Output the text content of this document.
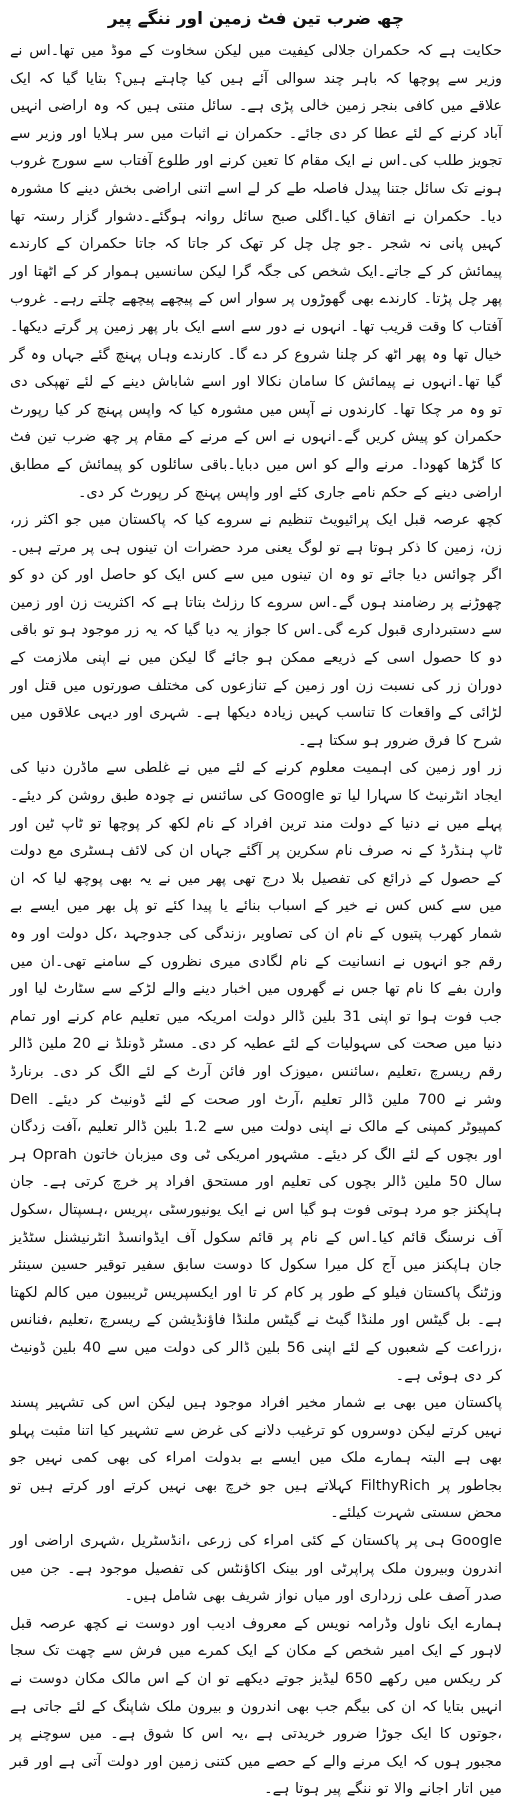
چھ ضرب تین فٹ زمین اور ننگے پیر

حکایت ہے کہ حکمران جلالی کیفیت میں لیکن سخاوت کے موڈ میں تھا۔اس نے وزیر سے پوچھا کہ باہر چند سوالی آئے ہیں کیا چاہتے ہیں؟ بتایا گیا کہ ایک علاقے میں کافی بنجر زمین خالی پڑی ہے۔ سائل منتی ہیں کہ وہ اراضی انہیں آباد کرنے کے لئے عطا کر دی جائے۔ حکمران نے اثبات میں سر ہلایا اور وزیر سے تجویز طلب کی۔اس نے ایک مقام کا تعین کرنے اور طلوع آفتاب سے سورج غروب ہونے تک سائل جتنا پیدل فاصلہ طے کر لے اسے اتنی اراضی بخش دینے کا مشورہ دیا۔ حکمران نے اتفاق کیا۔اگلی صبح سائل روانہ ہوگئے۔دشوار گزار رستہ تھا کہیں پانی نہ شجر ۔جو چل چل کر تھک کر جاتا کہ جاتا حکمران کے کارندے پیمائش کر کے جاتے۔ایک شخص کی جگہ گرا لیکن سانسیں ہموار کر کے اٹھتا اور پھر چل پڑتا۔ کارندے بھی گھوڑوں پر سوار اس کے پیچھے پیچھے چلتے رہے۔ غروب آفتاب کا وقت قریب تھا۔ انہوں نے دور سے اسے ایک بار پھر زمین پر گرتے دیکھا۔خیال تھا وہ پھر اٹھ کر چلنا شروع کر دے گا۔ کارندے وہاں پہنچ گئے جہاں وہ گر گیا تھا۔انہوں نے پیمائش کا سامان نکالا اور اسے شاباش دینے کے لئے تھپکی دی تو وہ مر چکا تھا۔ کارندوں نے آپس میں مشورہ کیا کہ واپس پہنچ کر کیا رپورٹ حکمران کو پیش کریں گے۔انہوں نے اس کے مرنے کے مقام پر چھ ضرب تین فٹ کا گڑھا کھودا۔ مرنے والے کو اس میں دبایا۔باقی سائلوں کو پیمائش کے مطابق اراضی دینے کے حکم نامے جاری کئے اور واپس پہنچ کر رپورٹ کر دی۔

کچھ عرصہ قبل ایک پرائیویٹ تنظیم نے سروے کیا کہ پاکستان میں جو اکثر زر، زن، زمین کا ذکر ہوتا ہے تو لوگ یعنی مرد حضرات ان تینوں ہی پر مرتے ہیں۔اگر چوائس دیا جائے تو وہ ان تینوں میں سے کس ایک کو حاصل اور کن دو کو چھوڑنے پر رضامند ہوں گے۔اس سروے کا رزلٹ بتاتا ہے کہ اکثریت زن اور زمین سے دستبرداری قبول کرے گی۔اس کا جواز یہ دیا گیا کہ یہ زر موجود ہو تو باقی دو کا حصول اسی کے ذریعے ممکن ہو جائے گا لیکن میں نے اپنی ملازمت کے دوران زر کی نسبت زن اور زمین کے تنازعوں کی مختلف صورتوں میں قتل اور لڑائی کے واقعات کا تناسب کہیں زیادہ دیکھا ہے۔ شہری اور دیہی علاقوں میں شرح کا فرق ضرور ہو سکتا ہے۔

زر اور زمین کی اہمیت معلوم کرنے کے لئے میں نے غلطی سے ماڈرن دنیا کی ایجاد انٹرنیٹ کا سہارا لیا تو Google کی سائنس نے چودہ طبق روشن کر دیئے۔ پہلے میں نے دنیا کے دولت مند ترین افراد کے نام لکھ کر پوچھا تو ٹاپ ٹین اور ٹاپ ہنڈرڈ کے نہ صرف نام سکرین پر آگئے جہاں ان کی لائف ہسٹری مع دولت کے حصول کے ذرائع کی تفصیل بلا درج تھی پھر میں نے یہ بھی پوچھ لیا کہ ان میں سے کس کس نے خیر کے اسباب بنائے یا پیدا کئے تو پل بھر میں ایسے بے شمار کھرب پتیوں کے نام ان کی تصاویر ،زندگی کی جدوجہد ،کل دولت اور وہ رقم جو انہوں نے انسانیت کے نام لگادی میری نظروں کے سامنے تھی۔ان میں وارن بفے کا نام تھا جس نے گھروں میں اخبار دینے والے لڑکے سے سٹارٹ لیا اور جب فوت ہوا تو اپنی 31 بلین ڈالر دولت امریکہ میں تعلیم عام کرنے اور تمام دنیا میں صحت کی سہولیات کے لئے عطیہ کر دی۔ مسٹر ڈونلڈ نے 20 ملین ڈالر رقم ریسرچ ،تعلیم ،سائنس ،میوزک اور فائن آرٹ کے لئے الگ کر دی۔ برنارڈ وشر نے 700 ملین ڈالر تعلیم ،آرٹ اور صحت کے لئے ڈونیٹ کر دیئے۔ Dell کمپیوٹر کمپنی کے مالک نے اپنی دولت میں سے 1.2 بلین ڈالر تعلیم ،آفت زدگان اور بچوں کے لئے الگ کر دیئے۔ مشہور امریکی ٹی وی میزبان خاتون Oprah ہر سال 50 ملین ڈالر بچوں کی تعلیم اور مستحق افراد پر خرچ کرتی ہے۔ جان ہاپکنز جو مرد ہوتی فوت ہو گیا اس نے ایک یونیورسٹی ،پریس ،ہسپتال ،سکول آف نرسنگ قائم کیا۔اس کے نام پر قائم سکول آف ایڈوانسڈ انٹرنیشنل سٹڈیز جان ہاپکنز میں آج کل میرا سکول کا دوست سابق سفیر توقیر حسین سینئر وزٹنگ پاکستان فیلو کے طور پر کام کر تا اور ایکسپریس ٹریبیون میں کالم لکھتا ہے۔ بل گیٹس اور ملنڈا گیٹ نے گیٹس ملنڈا فاؤنڈیشن کے ریسرچ ،تعلیم ،فنانس ،زراعت کے شعبوں کے لئے اپنی 56 بلین ڈالر کی دولت میں سے 40 بلین ڈونیٹ کر دی ہوئی ہے۔

پاکستان میں بھی بے شمار مخیر افراد موجود ہیں لیکن اس کی تشہیر پسند نہیں کرتے لیکن دوسروں کو ترغیب دلانے کی غرض سے تشہیر کیا اتنا مثبت پہلو بھی ہے البتہ ہمارے ملک میں ایسے بے بدولت امراء کی بھی کمی نہیں جو بجاطور پر FilthyRich کہلاتے ہیں جو خرچ بھی نہیں کرتے اور کرتے ہیں تو محض سستی شہرت کیلئے۔

Google ہی پر پاکستان کے کئی امراء کی زرعی ،انڈسٹریل ،شہری اراضی اور اندرون وبیرون ملک پراپرٹی اور بینک اکاؤنٹس کی تفصیل موجود ہے۔ جن میں صدر آصف علی زرداری اور میاں نواز شریف بھی شامل ہیں۔

ہمارے ایک ناول وڈرامہ نویس کے معروف ادیب اور دوست نے کچھ عرصہ قبل لاہور کے ایک امیر شخص کے مکان کے ایک کمرے میں فرش سے چھت تک سجا کر ریکس میں رکھے 650 لیڈیز جوتے دیکھے تو ان کے اس مالک مکان دوست نے انہیں بتایا کہ ان کی بیگم جب بھی اندرون و بیرون ملک شاپنگ کے لئے جاتی ہے ،جوتوں کا ایک جوڑا ضرور خریدتی ہے ،یہ اس کا شوق ہے۔ میں سوچنے پر مجبور ہوں کہ ایک مرنے والے کے حصے میں کتنی زمین اور دولت آتی ہے اور قبر میں اتار اجانے والا تو ننگے پیر ہوتا ہے۔
